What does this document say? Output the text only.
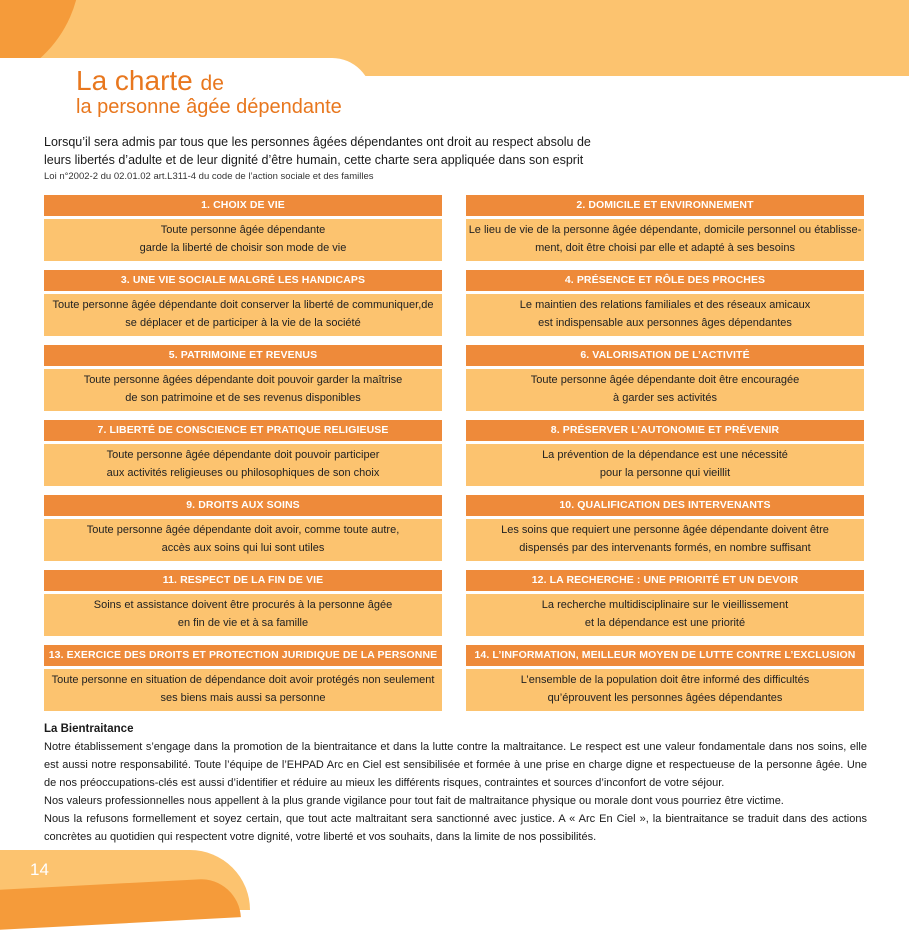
La charte de
la personne âgée dépendante

Lorsqu’il sera admis par tous que les personnes âgées dépendantes ont droit au respect absolu de

leurs libertés d’adulte et de leur dignité d’être humain, cette charte sera appliquée dans son esprit

Loi n°2002-2 du 02.01.02 art.L311-4 du code de l’action sociale et des familles
1. CHOIX DE VIE
Toute personne âgée dépendante
garde la liberté de choisir son mode de vie
2. DOMICILE ET ENVIRONNEMENT
Le lieu de vie de la personne âgée dépendante, domicile personnel ou établisse-
ment, doit être choisi par elle et adapté à ses besoins
3. UNE VIE SOCIALE MALGRÉ LES HANDICAPS
Toute personne âgée dépendante doit conserver la liberté de communiquer,de
se déplacer et de participer à la vie de la société
4. PRÉSENCE ET RÔLE DES PROCHES
Le maintien des relations familiales et des réseaux amicaux
est indispensable aux personnes âges dépendantes
5. PATRIMOINE ET REVENUS
Toute personne âgées dépendante doit pouvoir garder la maîtrise
de son patrimoine et de ses revenus disponibles
6. VALORISATION DE L’ACTIVITÉ
Toute personne âgée dépendante doit être encouragée
à garder ses activités
7. LIBERTÉ DE CONSCIENCE ET PRATIQUE RELIGIEUSE
Toute personne âgée dépendante doit pouvoir participer
aux activités religieuses ou philosophiques de son choix
8. PRÉSERVER L’AUTONOMIE ET PRÉVENIR
La prévention de la dépendance est une nécessité
pour la personne qui vieillit
9. DROITS AUX SOINS
Toute personne âgée dépendante doit avoir, comme toute autre,
accès aux soins qui lui sont utiles
10. QUALIFICATION DES INTERVENANTS
Les soins que requiert une personne âgée dépendante doivent être
dispensés par des intervenants formés, en nombre suffisant
11. RESPECT DE LA FIN DE VIE
Soins et assistance doivent être procurés à la personne âgée
en fin de vie et à sa famille
12. LA RECHERCHE : UNE PRIORITÉ ET UN DEVOIR
La recherche multidisciplinaire sur le vieillissement
et la dépendance est une priorité
13. EXERCICE DES DROITS ET PROTECTION JURIDIQUE DE LA PERSONNE
Toute personne en situation de dépendance doit avoir protégés non seulement
ses biens mais aussi sa personne
14. L’INFORMATION, MEILLEUR MOYEN DE LUTTE CONTRE L’EXCLUSION
L’ensemble de la population doit être informé des difficultés
qu’éprouvent les personnes âgées dépendantes
La Bientraitance

Notre établissement s’engage dans la promotion de la bientraitance et dans la lutte contre la maltraitance. Le respect est une valeur fondamentale dans nos soins, elle est aussi notre responsabilité. Toute l’équipe de l’EHPAD Arc en Ciel est sensibilisée et formée à une prise en charge digne et respectueuse de la personne âgée. Une de nos préoccupations-clés est aussi d’identifier et réduire au mieux les différents risques, contraintes et sources d’inconfort de votre séjour.

Nos valeurs professionnelles nous appellent à la plus grande vigilance pour tout fait de maltraitance physique ou morale dont vous pourriez être victime.

Nous la refusons formellement et soyez certain, que tout acte maltraitant sera sanctionné avec justice. A « Arc En Ciel », la bientraitance se traduit dans des actions concrètes au quotidien qui respectent votre dignité, votre liberté et vos souhaits, dans la limite de nos possibilités.

14
